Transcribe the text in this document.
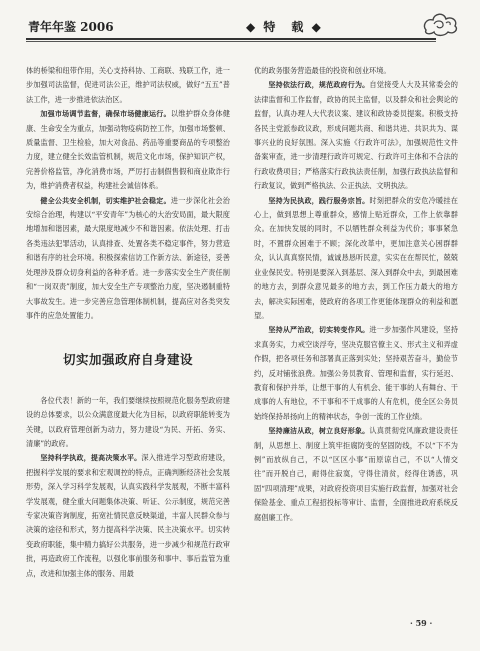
青年年鉴 2006	◆ 特　载 ◆

体的桥梁和纽带作用，关心支持科协、工商联、残联工作，进一步加强司法监督，促进司法公正，维护司法权威，做好“五五”普法工作，进一步推进依法治区。

加强市场调节监督，确保市场健康运行。以维护群众身体健康、生命安全为重点，加强动物疫病防控工作，加强市场整顿、质量监督、卫生检验，加大对食品、药品等重要商品的专项整治力度，建立健全长效监管机制，规范文化市场，保护知识产权，完善价格监管，净化消费市场，严厉打击制假售假和商业欺诈行为，维护消费者权益，构建社会诚信体系。

健全公共安全机制，切实维护社会稳定。进一步深化社会治安综合治理，构建以“平安青年”为核心的大治安局面，最大限度地增加和谐因素，最大限度地减少不和谐因素。依法处理、打击各类违法犯罪活动，认真排查、处置各类不稳定事件，努力营造和谐有序的社会环境。积极探索信访工作新方法、新途径，妥善处理涉及群众切身利益的各种矛盾。进一步落实安全生产责任制和“一岗双责”制度，加大安全生产专项整治力度，坚决遏制重特大事故发生。进一步完善应急管理体制机制，提高应对各类突发事件的应急处置能力。

切实加强政府自身建设

各位代表！新的一年，我们要继续按照规范化服务型政府建设的总体要求，以公众满意度最大化为目标，以政府职能转变为关键，以政府管理创新为动力，努力建设“为民、开拓、务实、清廉”的政府。

坚持科学执政，提高决策水平。深入推进学习型政府建设，把握科学发展的要求和宏观调控的特点，正确判断经济社会发展形势，深入学习科学发展观，认真实践科学发展观，不断丰富科学发展观，健全重大问题集体决策、听证、公示制度，规范完善专家决策咨询制度，拓宽社情民意反映渠道，丰富人民群众参与决策的途径和形式，努力提高科学决策、民主决策水平。切实转变政府职能，集中精力搞好公共服务，进一步减少和规范行政审批，再造政府工作流程，以强化事前服务和事中、事后监管为重点，改进和加强主体的服务、用最

优的政务服务营造最佳的投资和创业环境。

坚持依法行政，规范政府行为。自觉接受人大及其常委会的法律监督和工作监督，政协的民主监督，以及群众和社会舆论的监督，认真办理人大代表议案、建议和政协委员提案。积极支持各民主党派参政议政，形成问题共商、和谐共进、共识共为、谋事兴业的良好氛围。深入实施《行政许可法》，加强规范性文件备案审查，进一步清理行政许可规定、行政许可主体和不合法的行政收费项目；严格落实行政执法责任制，加强行政执法监督和行政复议，做到严格执法、公正执法、文明执法。

坚持为民执政，践行服务宗旨。时刻把群众的安危冷暖挂在心上，做到思想上尊重群众，感情上贴近群众，工作上依靠群众。在加快发展的同时，不以牺牲群众利益为代价；事事紧急时，不置群众困难于不顾；深化改革中，更加注意关心困群群众，认认真真察民情，诚诚恳恳听民意，实实在在帮民忙，兢兢业业保民安。特别是要深入到基层、深入到群众中去，到最困难的地方去，到群众意见最多的地方去，到工作压力最大的地方去，解决实际困难，使政府的各项工作更能体现群众的利益和愿望。

坚持从严治政，切实转变作风。进一步加强作风建设，坚持求真务实，力戒空谈浮夸，坚决克服官僚主义、形式主义和弄虚作假，把各项任务和部署真正落到实处；坚持艰苦奋斗，勤俭节约，反对铺张浪费。加强公务员教育、管理和监督，实行延迟、教育和保护并举，让想干事的人有机会、能干事的人有舞台、干成事的人有地位，不干事和不干成事的人有危机，使全区公务员始终保持昂扬向上的精神状态，争创一流的工作业绩。

坚持廉洁从政，树立良好形象。认真贯彻党风廉政建设责任制，从思想上、制度上筑牢拒腐防变的坚固防线，不以“下不为例”而放纵自己，不以“区区小事”而原谅自己，不以“人情交往”而开脱自己，耐得住寂寞，守得住清贫，经得住诱惑，巩固“四项清理”成果，对政府投资项目实施行政监督，加强对社会保险基金、重点工程招投标等审计、监督，全面推进政府系统反腐倡廉工作。

· 59 ·
